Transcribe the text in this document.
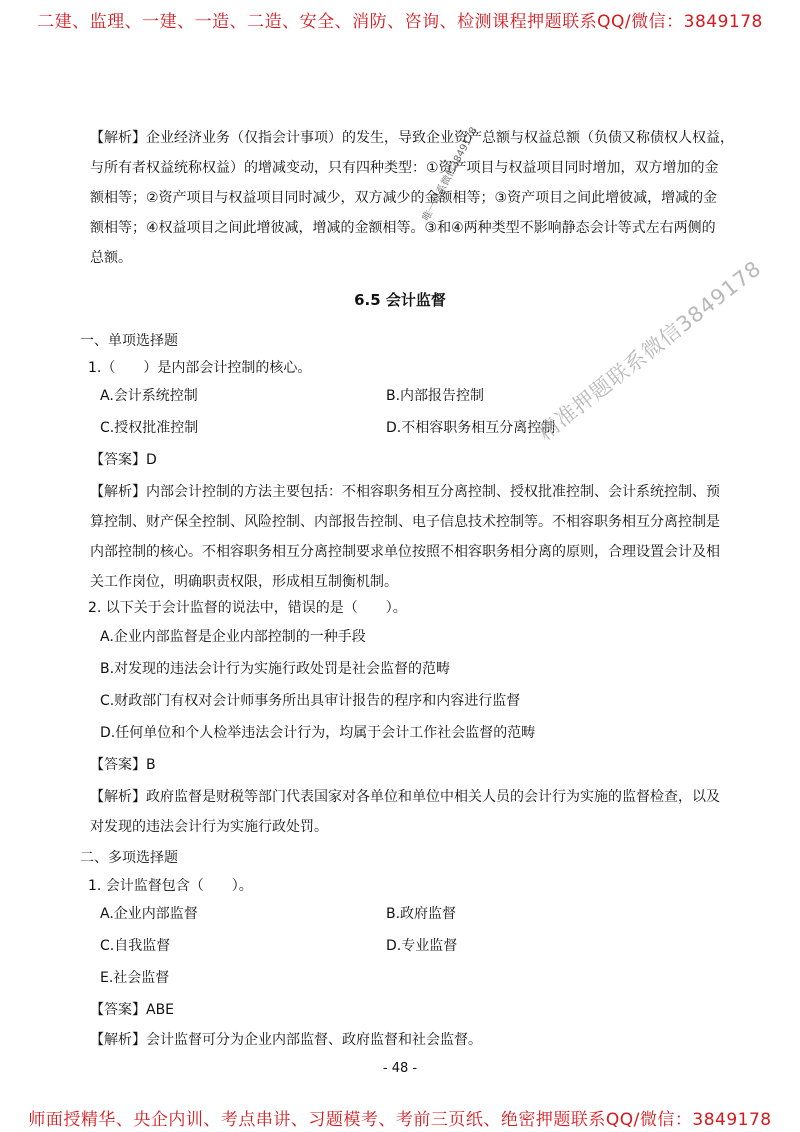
二建、监理、一建、一造、二造、安全、消防、咨询、检测课程押题联系QQ/微信：3849178
【解析】企业经济业务（仅指会计事项）的发生，导致企业资产总额与权益总额（负债又称债权人权益，
与所有者权益统称权益）的增减变动，只有四种类型：①资产项目与权益项目同时增加，双方增加的金
额相等；②资产项目与权益项目同时减少，双方减少的金额相等；③资产项目之间此增彼减，增减的金
额相等；④权益项目之间此增彼减，增减的金额相等。③和④两种类型不影响静态会计等式左右两侧的
总额。
6.5 会计监督
一、单项选择题
1.（　　）是内部会计控制的核心。
A.会计系统控制	B.内部报告控制
C.授权批准控制	D.不相容职务相互分离控制
【答案】D
【解析】内部会计控制的方法主要包括：不相容职务相互分离控制、授权批准控制、会计系统控制、预
算控制、财产保全控制、风险控制、内部报告控制、电子信息技术控制等。不相容职务相互分离控制是
内部控制的核心。不相容职务相互分离控制要求单位按照不相容职务相分离的原则，合理设置会计及相
关工作岗位，明确职责权限，形成相互制衡机制。
2. 以下关于会计监督的说法中，错误的是（　　）。
A.企业内部监督是企业内部控制的一种手段
B.对发现的违法会计行为实施行政处罚是社会监督的范畴
C.财政部门有权对会计师事务所出具审计报告的程序和内容进行监督
D.任何单位和个人检举违法会计行为，均属于会计工作社会监督的范畴
【答案】B
【解析】政府监督是财税等部门代表国家对各单位和单位中相关人员的会计行为实施的监督检查，以及
对发现的违法会计行为实施行政处罚。
二、多项选择题
1. 会计监督包含（　　）。
A.企业内部监督	B.政府监督
C.自我监督	D.专业监督
E.社会监督
【答案】ABE
【解析】会计监督可分为企业内部监督、政府监督和社会监督。
- 48 -
师面授精华、央企内训、考点串讲、习题模考、考前三页纸、绝密押题联系QQ/微信：3849178
唯一联系微信3849178
精准押题联系微信3849178
